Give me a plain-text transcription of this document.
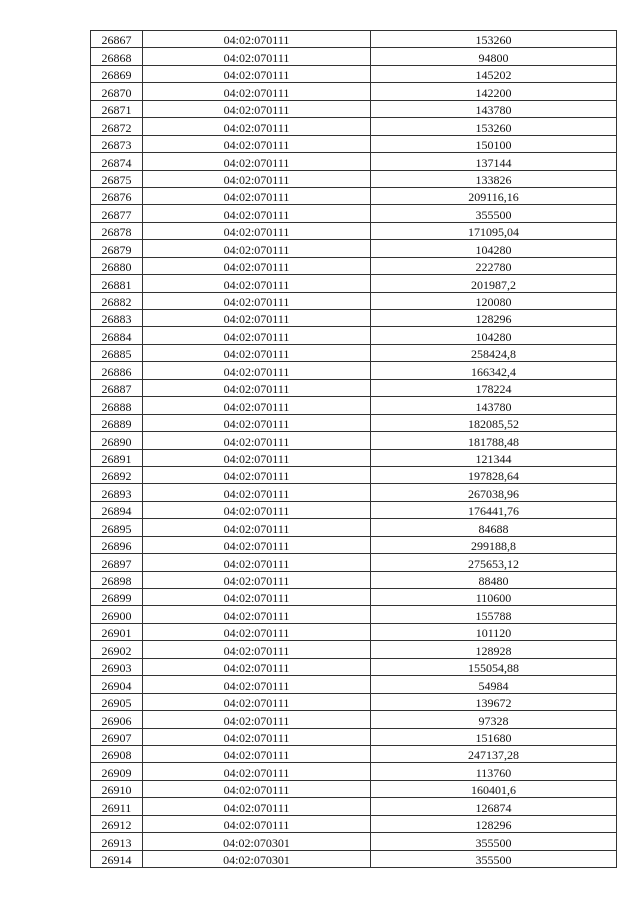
26867	04:02:070111	153260
26868	04:02:070111	94800
26869	04:02:070111	145202
26870	04:02:070111	142200
26871	04:02:070111	143780
26872	04:02:070111	153260
26873	04:02:070111	150100
26874	04:02:070111	137144
26875	04:02:070111	133826
26876	04:02:070111	209116,16
26877	04:02:070111	355500
26878	04:02:070111	171095,04
26879	04:02:070111	104280
26880	04:02:070111	222780
26881	04:02:070111	201987,2
26882	04:02:070111	120080
26883	04:02:070111	128296
26884	04:02:070111	104280
26885	04:02:070111	258424,8
26886	04:02:070111	166342,4
26887	04:02:070111	178224
26888	04:02:070111	143780
26889	04:02:070111	182085,52
26890	04:02:070111	181788,48
26891	04:02:070111	121344
26892	04:02:070111	197828,64
26893	04:02:070111	267038,96
26894	04:02:070111	176441,76
26895	04:02:070111	84688
26896	04:02:070111	299188,8
26897	04:02:070111	275653,12
26898	04:02:070111	88480
26899	04:02:070111	110600
26900	04:02:070111	155788
26901	04:02:070111	101120
26902	04:02:070111	128928
26903	04:02:070111	155054,88
26904	04:02:070111	54984
26905	04:02:070111	139672
26906	04:02:070111	97328
26907	04:02:070111	151680
26908	04:02:070111	247137,28
26909	04:02:070111	113760
26910	04:02:070111	160401,6
26911	04:02:070111	126874
26912	04:02:070111	128296
26913	04:02:070301	355500
26914	04:02:070301	355500
